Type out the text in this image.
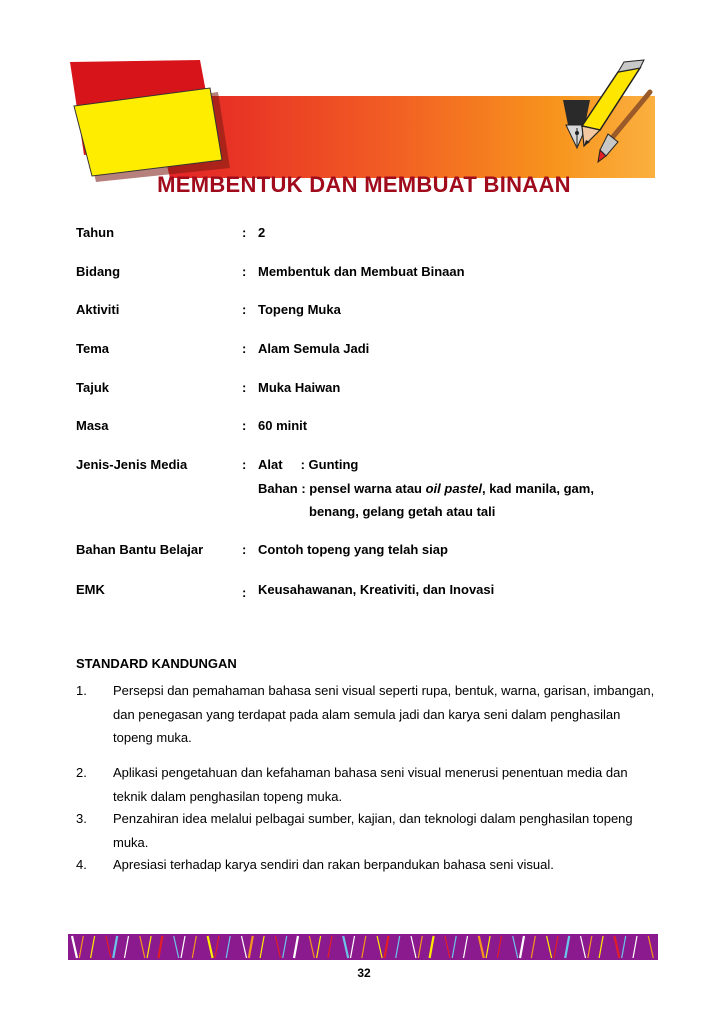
MEMBENTUK DAN MEMBUAT BINAAN
Tahun	: 2
Bidang	: Membentuk dan Membuat Binaan
Aktiviti	: Topeng Muka
Tema	: Alam Semula Jadi
Tajuk	: Muka Haiwan
Masa	: 60 minit
Jenis-Jenis Media	: Alat     : Gunting
Bahan : pensel warna atau oil pastel, kad manila, gam,
benang, gelang getah atau tali
Bahan Bantu Belajar	: Contoh topeng yang telah siap
EMK	: Keusahawanan, Kreativiti, dan Inovasi
STANDARD KANDUNGAN
1. Persepsi dan pemahaman bahasa seni visual seperti rupa, bentuk, warna, garisan, imbangan, dan penegasan yang terdapat pada alam semula jadi dan karya seni dalam penghasilan topeng muka.
2. Aplikasi pengetahuan dan kefahaman bahasa seni visual menerusi penentuan media dan teknik dalam penghasilan topeng muka.
3. Penzahiran idea melalui pelbagai sumber, kajian, dan teknologi dalam penghasilan topeng muka.
4. Apresiasi terhadap karya sendiri dan rakan berpandukan bahasa seni visual.
32
